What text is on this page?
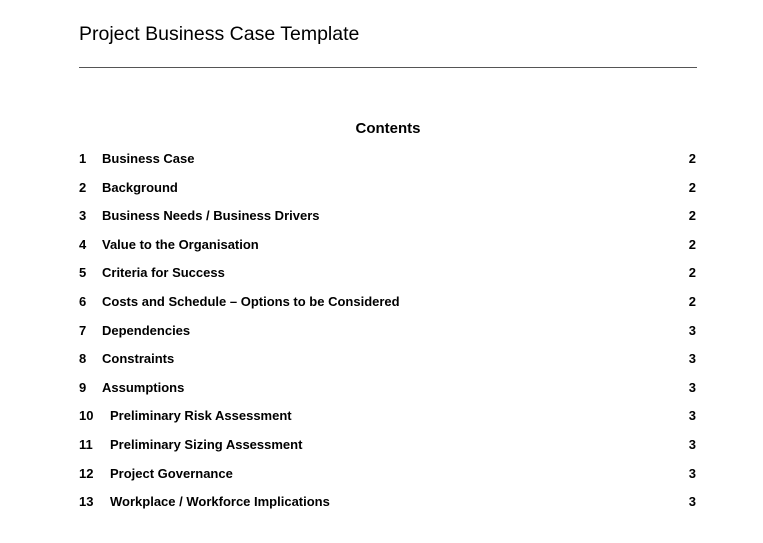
Project Business Case Template
Contents
1 Business Case	2
2 Background	2
3 Business Needs / Business Drivers	2
4 Value to the Organisation	2
5 Criteria for Success	2
6 Costs and Schedule – Options to be Considered	2
7 Dependencies	3
8 Constraints	3
9 Assumptions	3
10 Preliminary Risk Assessment	3
11 Preliminary Sizing Assessment	3
12 Project Governance	3
13 Workplace / Workforce Implications	3
